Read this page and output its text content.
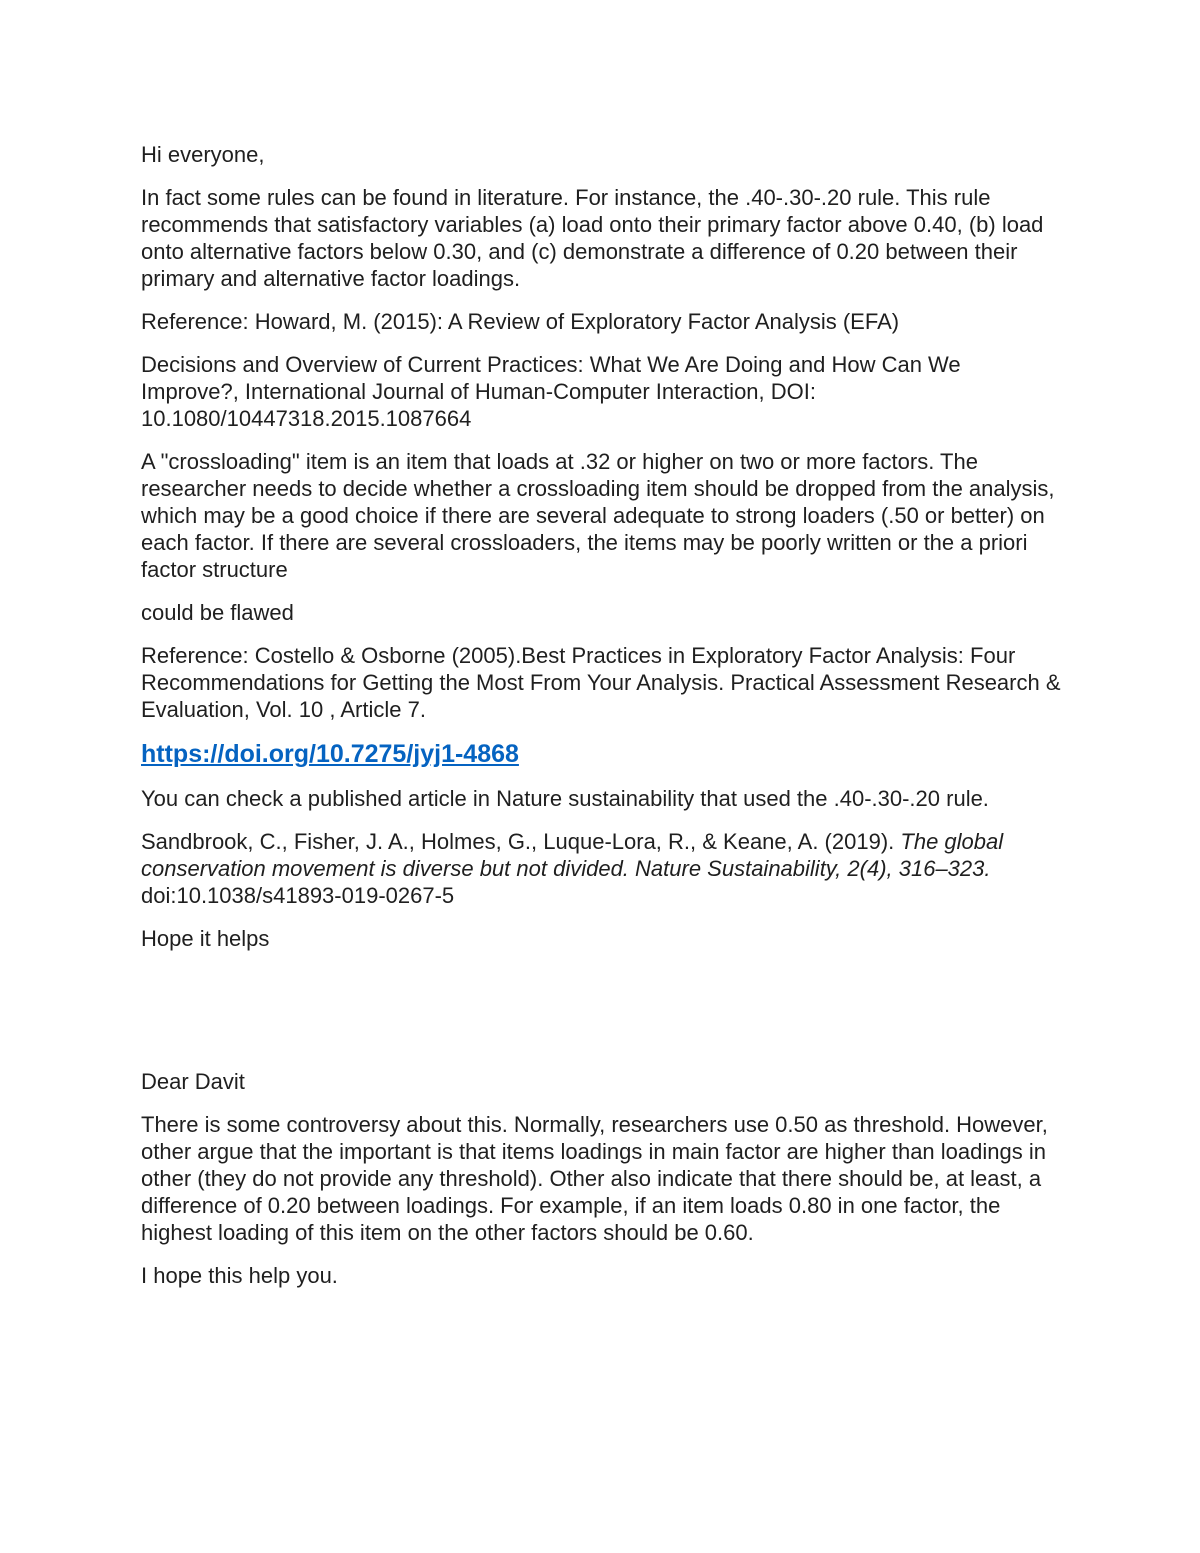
Hi everyone,

In fact some rules can be found in literature. For instance, the .40-.30-.20 rule. This rule recommends that satisfactory variables (a) load onto their primary factor above 0.40, (b) load onto alternative factors below 0.30, and (c) demonstrate a difference of 0.20 between their primary and alternative factor loadings.

Reference: Howard, M. (2015): A Review of Exploratory Factor Analysis (EFA)

Decisions and Overview of Current Practices: What We Are Doing and How Can We Improve?, International Journal of Human-Computer Interaction, DOI: 10.1080/10447318.2015.1087664

A "crossloading" item is an item that loads at .32 or higher on two or more factors. The researcher needs to decide whether a crossloading item should be dropped from the analysis, which may be a good choice if there are several adequate to strong loaders (.50 or better) on each factor. If there are several crossloaders, the items may be poorly written or the a priori factor structure

could be flawed

Reference: Costello & Osborne (2005).Best Practices in Exploratory Factor Analysis: Four Recommendations for Getting the Most From Your Analysis. Practical Assessment Research & Evaluation, Vol. 10 , Article 7.

https://doi.org/10.7275/jyj1-4868

You can check a published article in Nature sustainability that used the .40-.30-.20 rule.

Sandbrook, C., Fisher, J. A., Holmes, G., Luque-Lora, R., & Keane, A. (2019). The global conservation movement is diverse but not divided. Nature Sustainability, 2(4), 316–323. doi:10.1038/s41893-019-0267-5

Hope it helps

Dear Davit

There is some controversy about this. Normally, researchers use 0.50 as threshold. However, other argue that the important is that items loadings in main factor are higher than loadings in other (they do not provide any threshold). Other also indicate that there should be, at least, a difference of 0.20 between loadings. For example, if an item loads 0.80 in one factor, the highest loading of this item on the other factors should be 0.60.

I hope this help you.
